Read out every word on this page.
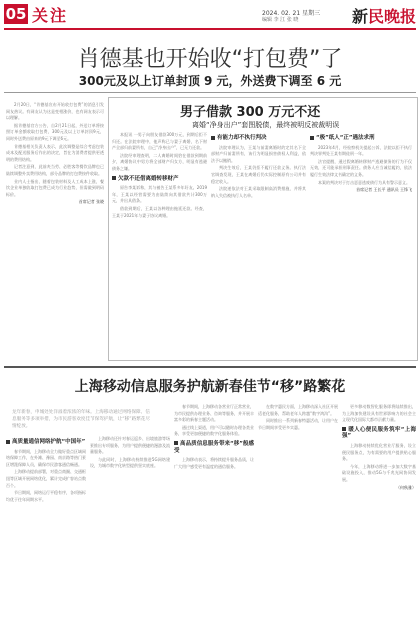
05 关注	2024. 02. 21 星期三
编辑 李 江 张 晓	新民晚报
肖德基也开始收“打包费”了
300元及以上订单封顶 9 元，外送费下调至 6 元

2月20日，“肯德基宣布开始收打包费”的消息引发网友热议。有网友认为这是变相涨价，也有网友表示可以理解。

据肯德基官方公告，自2月21日起，外送订单将按照订单金额收取打包费，300元及以上订单封顶9元，同时外送费由原来的9元下调至6元。

肯德基相关负责人表示，此次调整是综合考虑包装成本及配送服务后作出的决定，旨在为消费者提供更透明的费用结构。

记者注意到，此前麦当劳、必胜客等餐饮品牌也已陆续调整外卖费用结构，部分品牌的打包费按件收取。

业内人士指出，随着包装材料及人工成本上涨，餐饮企业单独收取打包费已成为行业趋势，但需做到明码标价。

首席记者 张晓
男子借款 300 万元不还
离婚“净身出户”套图脱债，最终被明反被裁明误

本报讯 一男子向朋友借款300万元，到期后拒不归还。在法院审理中，他声称已与妻子离婚，名下财产全部归前妻所有，自己“净身出户”，已无力还款。

法院经审理查明，二人离婚时间恰在借款到期前夕，离婚协议中男方将全部财产归女方，明显有逃避债务之嫌。

欠款不还借离婚转移财产

原告李某诉称，其与被告王某系多年好友。2019年，王某以经营需要为由陆续向其借款共计300万元，并出具借条。

借款到期后，王某以各种理由拖延还款。经查，王某于2021年与妻子协议离婚。

有能力却不执行判决

法院审理认为，王某与前妻离婚时约定其名下全部财产归前妻所有，该行为明显损害债权人利益，依法予以撤销。

判决生效后，王某仍拒不履行还款义务。执行法官调查发现，王某在离婚后仍实际控制原有公司并有稳定收入。

法院遂依法对王某采取限制高消费措施，并将其纳入失信被执行人名单。

“极”纸人“正”遇法求刑

2023年4月，经检察机关提起公诉，法院以拒不执行判决罪判处王某有期徒刑一年。

法官提醒，通过假离婚转移财产逃避债务的行为不仅无效，还可能承担刑事责任。债务人应当诚信履约，依法履行生效法律文书确定的义务。

本案的判决对于打击恶意逃废债行为具有警示意义。

首席记者 王长平 通讯员 王锋飞
上海移动信息服务护航新春佳节“移”路繁花

龙年新春，申城处处洋溢着浓浓的年味。上海移动通过网络保障、信息服务等多项举措，为市民游客欢度佳节保驾护航，让“移”路繁花尽情绽放。

高质量通信网络护航“中国年”

春节期间，上海移动全力做好重点区域网络保障工作，在外滩、豫园、南京路等热门景区增派保障人员，确保市民游客通信畅通。

上海移动提前部署，对重点商圈、交通枢纽等区域开展网络优化，累计完成扩容站点数百个。

节日期间，网络运行平稳有序，各项指标均优于往年同期水平。

上海移动还针对春运返乡、出境旅游等场景推出专项服务，为用户提供便捷的漫游及流量服务。

与此同时，上海移动持续推进5G网络建设，为城市数字化转型提供坚实底座。

春节期间，上海移动各营业厅正常营业，为市民提供办理业务、咨询等服务，并开展丰富多彩的新春主题活动。

通过线上渠道，用户可以随时办理各类业务，享受更加便捷的数字化服务体验。

高品质信息服务带来“移”般感受

上海移动表示，将持续提升服务品质，让广大用户感受更有温度的通信服务。

在数字惠民方面，上海移动深入社区开展适老化服务，帮助老年人跨越“数字鸿沟”。

同时推出一系列新春特惠活动，让用户在节日期间享受更多实惠。

更多移动数智化服务即将陆续推出，为上海加快建设具有世界影响力的社会主义现代化国际大都市贡献力量。

暖人心便民服务筑牢“上海强”

上海移动持续优化营业厅服务，设立便民服务点，为有需要的用户提供贴心服务。

今年，上海移动将进一步加大数字基础设施投入，推动5G与千兆光网协同发展。

（何秋雅）
